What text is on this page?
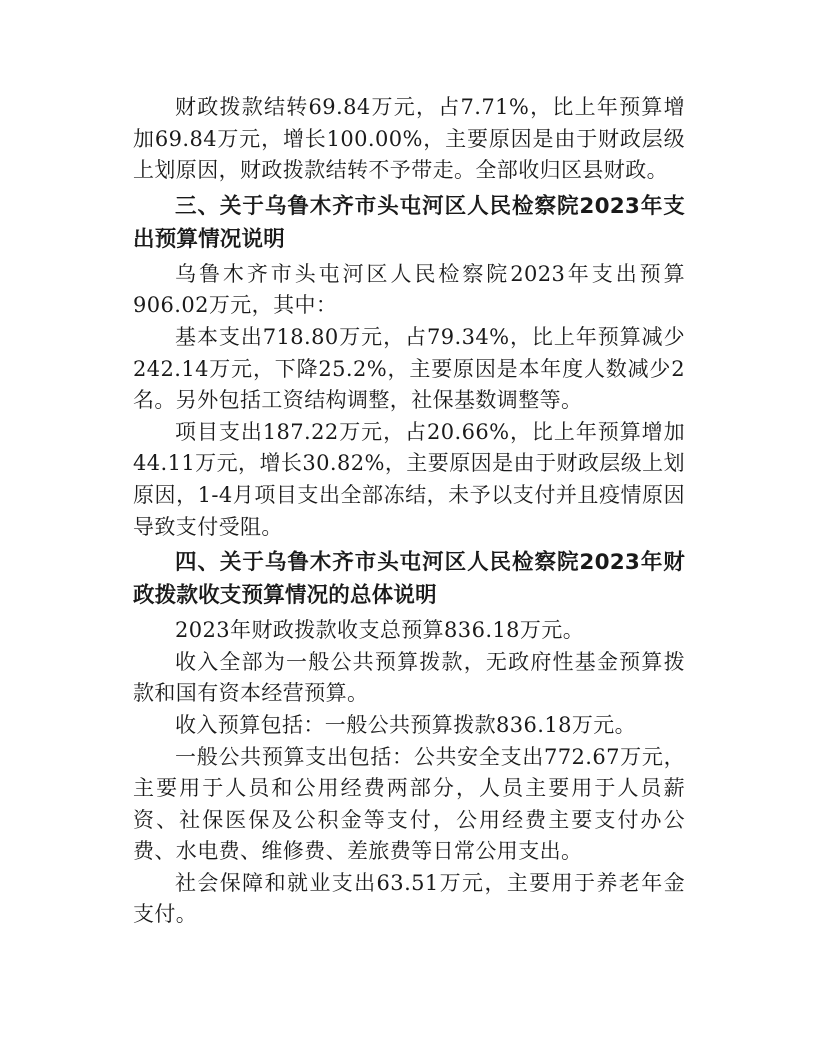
财政拨款结转69.84万元，占7.71%，比上年预算增加69.84万元，增长100.00%，主要原因是由于财政层级上划原因，财政拨款结转不予带走。全部收归区县财政。

三、关于乌鲁木齐市头屯河区人民检察院2023年支出预算情况说明

乌鲁木齐市头屯河区人民检察院2023年支出预算906.02万元，其中：

基本支出718.80万元，占79.34%，比上年预算减少242.14万元，下降25.2%，主要原因是本年度人数减少2名。另外包括工资结构调整，社保基数调整等。

项目支出187.22万元，占20.66%，比上年预算增加44.11万元，增长30.82%，主要原因是由于财政层级上划原因，1-4月项目支出全部冻结，未予以支付并且疫情原因导致支付受阻。

四、关于乌鲁木齐市头屯河区人民检察院2023年财政拨款收支预算情况的总体说明

2023年财政拨款收支总预算836.18万元。

收入全部为一般公共预算拨款，无政府性基金预算拨款和国有资本经营预算。

收入预算包括：一般公共预算拨款836.18万元。

一般公共预算支出包括：公共安全支出772.67万元，主要用于人员和公用经费两部分，人员主要用于人员薪资、社保医保及公积金等支付，公用经费主要支付办公费、水电费、维修费、差旅费等日常公用支出。

社会保障和就业支出63.51万元，主要用于养老年金支付。
